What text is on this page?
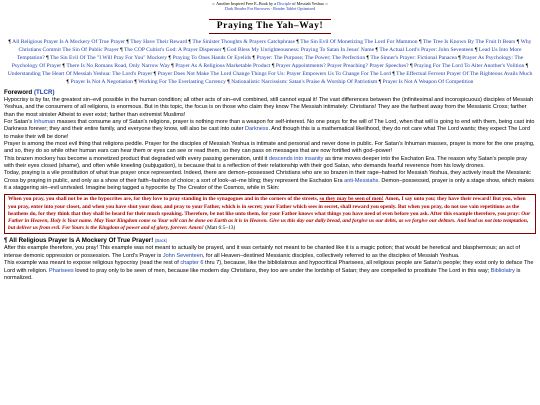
☼ Another Inspired Free E–Book by a Disciple of Messiah Yeshua ☼
Dark Reader For Browsers ∙ Reader Tablet Optimized
Praying The Yah–Way!
¶ All Religious Prayer Is A Mockery Of True Prayer ¶ They Have Their Reward ¶ The Sinister Thoughts & Prayers Catchphrase ¶ The Sin Evil Of Monetizing The Lord For Mammon ¶ The Tree Is Known By The Fruit It Bears ¶ Why Christians Commit The Sin Of Public Prayer ¶ The COP Cultist's God: A Prayer Dispenser ¶ God Bless My Unrighteousness: Praying To Satan In Jesus' Name ¶ The Actual Lord's Prayer: John Seventeen ¶ Lead Us Into More Temptation? ¶ The Sin Evil Of The "I Will Pray For You" Mockery ¶ Praying To Ones Hands Or Eyelids ¶ Prayer: The Purpose; The Power; The Perfection ¶ The Sinner's Prayer: Fictional Panacea ¶ Prayer As Psychology: The Psychology Of Prayer ¶ There Is No Romans Road, Only Narrow Way ¶ Prayer As A Religious Marketable Product ¶ Prayer Appointments? Prayer Preaching? Prayer Speeches? ¶ Praying For The Lord To Alter Another's Volition ¶ Understanding The Heart Of Messiah Yeshua: The Lord's Prayer ¶ Prayer Does Not Make The Lord Change Things For Us: Prayer Empowers Us To Change For The Lord ¶ The Effectual Fervent Prayer Of The Righteous Avails Much ¶ Prayer Is Not A Negotiation ¶ Working For The Everlasting Currency ¶ Nationalistic Narcissism: Satan's Praise & Worship Of Patriotism ¶ Prayer Is Not A Weapon Of Competition
Foreword (TLCR)

Hypocrisy is by far, the greatest sin–evil possible in the human condition; all other acts of sin–evil combined, still cannot equal it! The vast differences between the (infinitesimal and inconspicuous) disciples of Messiah Yeshua, and the consumers of all religions, is enormous. But in this topic, the focus is on those who claim they know The Messiah intimately: Christians! They are the farthest away from the Messianic Cross; farther than the most sinister Atheist to ever exist; farther than extremist Muslims!

For Satan's Inhuman masses that consume any of Satan's religions, prayer is nothing more than a weapon for self-interest. No one prays for the will of The Lord, when that will is going to end with them, being cast into Darkness forever; they and their entire family, and everyone they know, will also be cast into outer Darkness. And though this is a mathematical likelihood, they do not care what The Lord wants; they expect The Lord to make their will be done!

Prayer is among the most evil thing that religions peddle. Prayer for the disciples of Messiah Yeshua is intimate and personal and never done in public. For Satan's Inhuman masses, prayer is more for the one praying, and so, they do so while other human ears can hear them or eyes can see or read them, so they can pass on messages that are now fortified with god–power!

This brazen mockery has become a monetized product that degraded with every passing generation, until it descends into insanity as time moves deeper into the Eschaton Era. The reason why Satan's people pray with their eyes closed (shame), and often while kneeling (subjugation), is because that is a reflection of their relationship with their god Satan, who demands fearful reverence from his lowly drones.

Today, praying is a vile prostitution of what true prayer once represented. Indeed, there are demon–possessed Christians who are so brazen in their rage–hatred for Messiah Yeshua, they actively insult the Messianic Cross by praying in public, and only as a show of their faith–fashion of choice; a sort of look–at–me bling; they represent the Eschaton Era anti-Messiahs. Demon–possessed, prayer is only a stage show, which makes it a staggering sin–evil unrivaled. Imagine being tagged a hypocrite by The Creator of the Cosmos, while in Skin:

When you pray, you shall not be as the hypocrites are, for they love to pray standing in the synagogues and in the corners of the streets, so they may be seen of men! Amen, I say unto you; they have their reward! But you, when you pray, enter into your closet, and when you have shut your door, and pray to your Father, which is in secret; your Father which sees in secret, shall reward you openly. But when you pray, do not use vain repetitions as the heathens do, for they think that they shall be heard for their much speaking. Therefore, be not like unto them, for your Father knows what things you have need of even before you ask. After this example therefore, you pray: Our Father in Heaven, Holy is Your name. May Your Kingdom come so Your will can be done on Earth as it is in Heaven. Give us this day our daily bread, and forgive us our debts, as we forgive our debtors. And lead us not into temptation, but deliver us from evil. For Yours is the Kingdom of power and of glory, forever. Amen! (Matt 6:5–13)
¶ All Religious Prayer Is A Mockery Of True Prayer! (Back)

After this example therefore, you pray! This example was not meant to actually be prayed, and it was certainly not meant to be chanted like it is a magic potion; that would be heretical and blasphemous; an act of intense demonic oppression or possession. The Lord's Prayer is John Seventeen, for all Heaven–destined Messianic disciples, collectively referred to as the disciples of Messiah Yeshua.

This example was meant to expose religious hypocrisy (read the rest of chapter 6 thru 7), because, like the bibliolatrous and hypocritical Pharisees, all religious people are Satan's people; they exist only to deface The Lord with religion. Pharisees loved to pray only to be seen of men, because like modern day Christians, they too are under the lordship of Satan; they are compelled to prostitute The Lord in this way; Bibliolatry is normalized.
